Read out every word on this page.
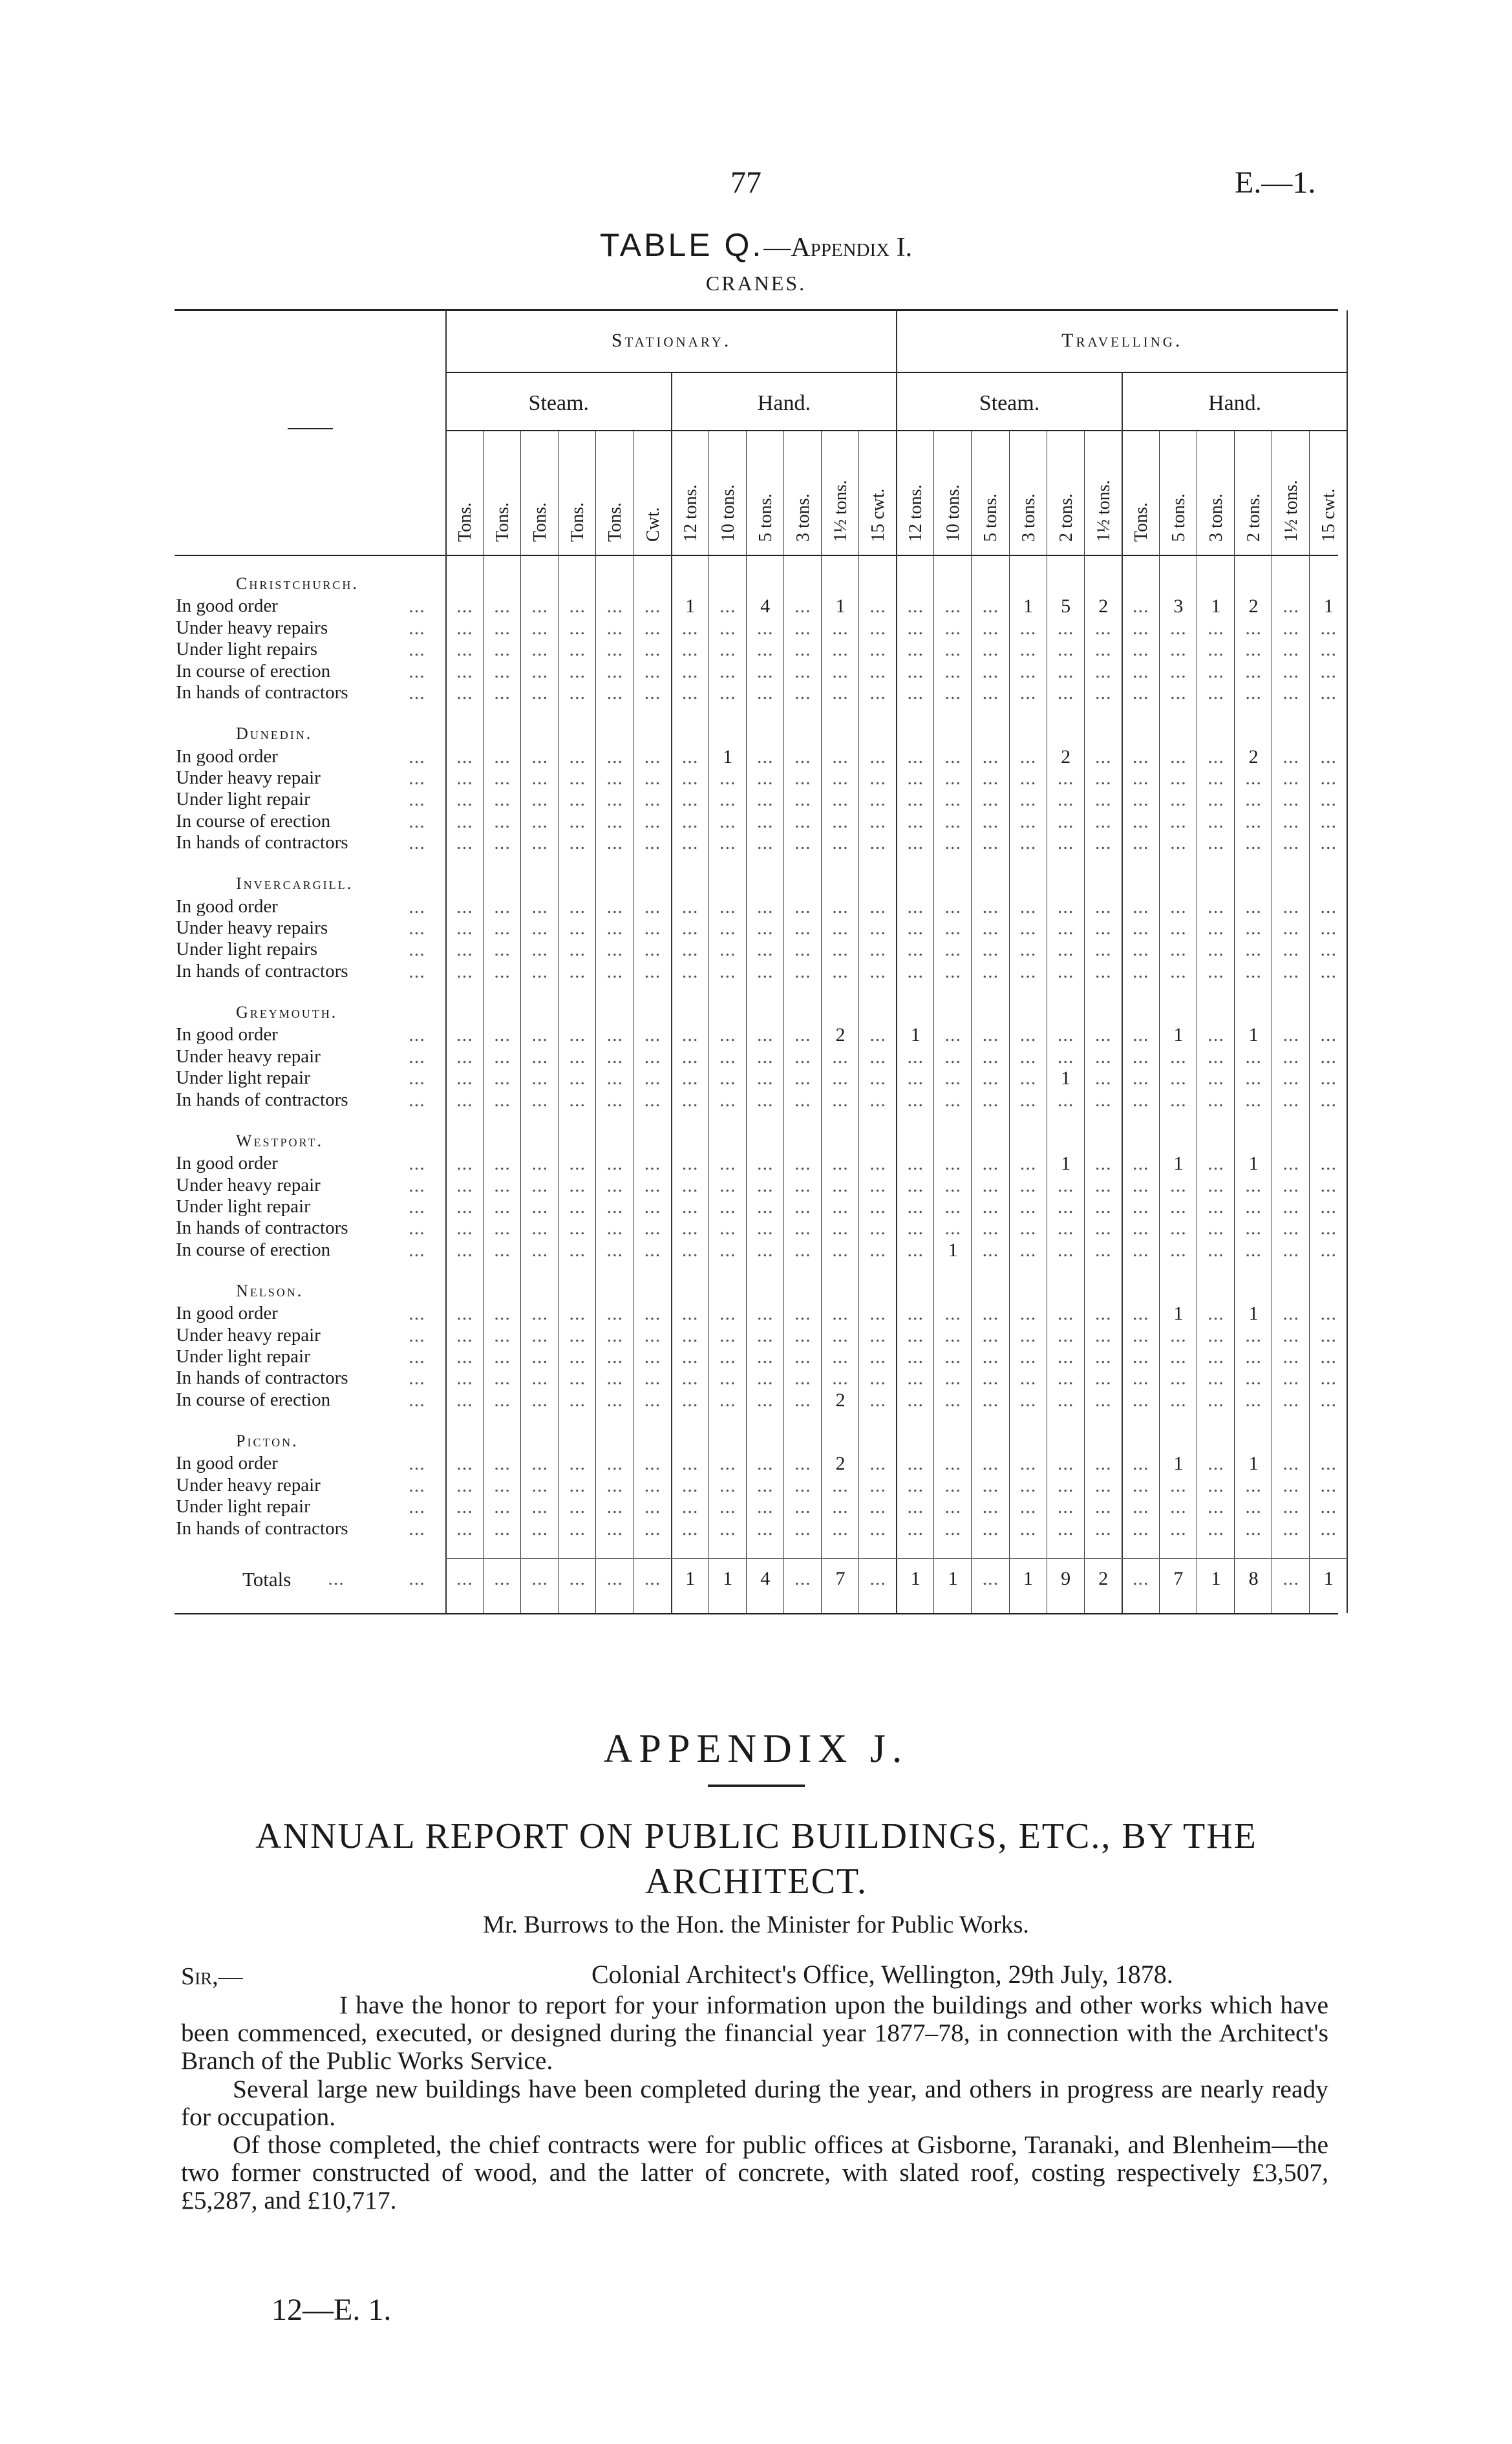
77	E.—1.
TABLE Q.—Appendix I.
CRANES.
Stationary.	Travelling.
Steam.	Hand.	Steam.	Hand.
Tons. Tons. Tons. Tons. Tons. Cwt. 12 tons. 10 tons. 5 tons. 3 tons. 1½ tons. 15 cwt. 12 tons. 10 tons. 5 tons. 3 tons. 2 tons. 1½ tons. Tons. 5 tons. 3 tons. 2 tons. 1½ tons. 15 cwt.
Christchurch.
In good order	...	...	...	...	...	...	...	1	...	4	...	1	...	...	...	...	1	5	2	...	3	1	2	...	1
Under heavy repairs	...	...	...	...	...	...	...	...	...	...	...	...	...	...	...	...	...	...	...	...	...	...	...	...	...
Under light repairs	...	...	...	...	...	...	...	...	...	...	...	...	...	...	...	...	...	...	...	...	...	...	...	...	...
In course of erection	...	...	...	...	...	...	...	...	...	...	...	...	...	...	...	...	...	...	...	...	...	...	...	...	...
In hands of contractors	...	...	...	...	...	...	...	...	...	...	...	...	...	...	...	...	...	...	...	...	...	...	...	...	...
Dunedin.
In good order	...	...	...	...	...	...	...	...	1	...	...	...	...	...	...	...	...	2	...	...	...	...	2	...	...
Under heavy repair	...	...	...	...	...	...	...	...	...	...	...	...	...	...	...	...	...	...	...	...	...	...	...	...	...
Under light repair	...	...	...	...	...	...	...	...	...	...	...	...	...	...	...	...	...	...	...	...	...	...	...	...	...
In course of erection	...	...	...	...	...	...	...	...	...	...	...	...	...	...	...	...	...	...	...	...	...	...	...	...	...
In hands of contractors	...	...	...	...	...	...	...	...	...	...	...	...	...	...	...	...	...	...	...	...	...	...	...	...	...
Invercargill.
In good order	...	...	...	...	...	...	...	...	...	...	...	...	...	...	...	...	...	...	...	...	...	...	...	...	...
Under heavy repairs	...	...	...	...	...	...	...	...	...	...	...	...	...	...	...	...	...	...	...	...	...	...	...	...	...
Under light repairs	...	...	...	...	...	...	...	...	...	...	...	...	...	...	...	...	...	...	...	...	...	...	...	...	...
In hands of contractors	...	...	...	...	...	...	...	...	...	...	...	...	...	...	...	...	...	...	...	...	...	...	...	...	...
Greymouth.
In good order	...	...	...	...	...	...	...	...	...	...	...	2	...	1	...	...	...	...	...	...	1	...	1	...	...
Under heavy repair	...	...	...	...	...	...	...	...	...	...	...	...	...	...	...	...	...	...	...	...	...	...	...	...	...
Under light repair	...	...	...	...	...	...	...	...	...	...	...	...	...	...	...	...	...	1	...	...	...	...	...	...	...
In hands of contractors	...	...	...	...	...	...	...	...	...	...	...	...	...	...	...	...	...	...	...	...	...	...	...	...	...
Westport.
In good order	...	...	...	...	...	...	...	...	...	...	...	...	...	...	...	...	...	1	...	...	1	...	1	...	...
Under heavy repair	...	...	...	...	...	...	...	...	...	...	...	...	...	...	...	...	...	...	...	...	...	...	...	...	...
Under light repair	...	...	...	...	...	...	...	...	...	...	...	...	...	...	...	...	...	...	...	...	...	...	...	...	...
In hands of contractors	...	...	...	...	...	...	...	...	...	...	...	...	...	...	...	...	...	...	...	...	...	...	...	...	...
In course of erection	...	...	...	...	...	...	...	...	...	...	...	...	...	...	1	...	...	...	...	...	...	...	...	...	...
Nelson.
In good order	...	...	...	...	...	...	...	...	...	...	...	...	...	...	...	...	...	...	...	...	1	...	1	...	...
Under heavy repair	...	...	...	...	...	...	...	...	...	...	...	...	...	...	...	...	...	...	...	...	...	...	...	...	...
Under light repair	...	...	...	...	...	...	...	...	...	...	...	...	...	...	...	...	...	...	...	...	...	...	...	...	...
In hands of contractors	...	...	...	...	...	...	...	...	...	...	...	...	...	...	...	...	...	...	...	...	...	...	...	...	...
In course of erection	...	...	...	...	...	...	...	...	...	...	...	2	...	...	...	...	...	...	...	...	...	...	...	...	...
Picton.
In good order	...	...	...	...	...	...	...	...	...	...	...	2	...	...	...	...	...	...	...	...	1	...	1	...	...
Under heavy repair	...	...	...	...	...	...	...	...	...	...	...	...	...	...	...	...	...	...	...	...	...	...	...	...	...
Under light repair	...	...	...	...	...	...	...	...	...	...	...	...	...	...	...	...	...	...	...	...	...	...	...	...	...
In hands of contractors	...	...	...	...	...	...	...	...	...	...	...	...	...	...	...	...	...	...	...	...	...	...	...	...	...
Totals	...	...	...	...	...	...	...	...	1	1	4	...	7	...	1	1	...	1	9	2	...	7	1	8	...	1
APPENDIX J.
ANNUAL REPORT ON PUBLIC BUILDINGS, ETC., BY THE ARCHITECT.
Mr. Burrows to the Hon. the Minister for Public Works.
Sir,—	Colonial Architect's Office, Wellington, 29th July, 1878.
I have the honor to report for your information upon the buildings and other works which have been commenced, executed, or designed during the financial year 1877–78, in connection with the Architect's Branch of the Public Works Service.
Several large new buildings have been completed during the year, and others in progress are nearly ready for occupation.
Of those completed, the chief contracts were for public offices at Gisborne, Taranaki, and Blenheim—the two former constructed of wood, and the latter of concrete, with slated roof, costing respectively £3,507, £5,287, and £10,717.
12—E. 1.
